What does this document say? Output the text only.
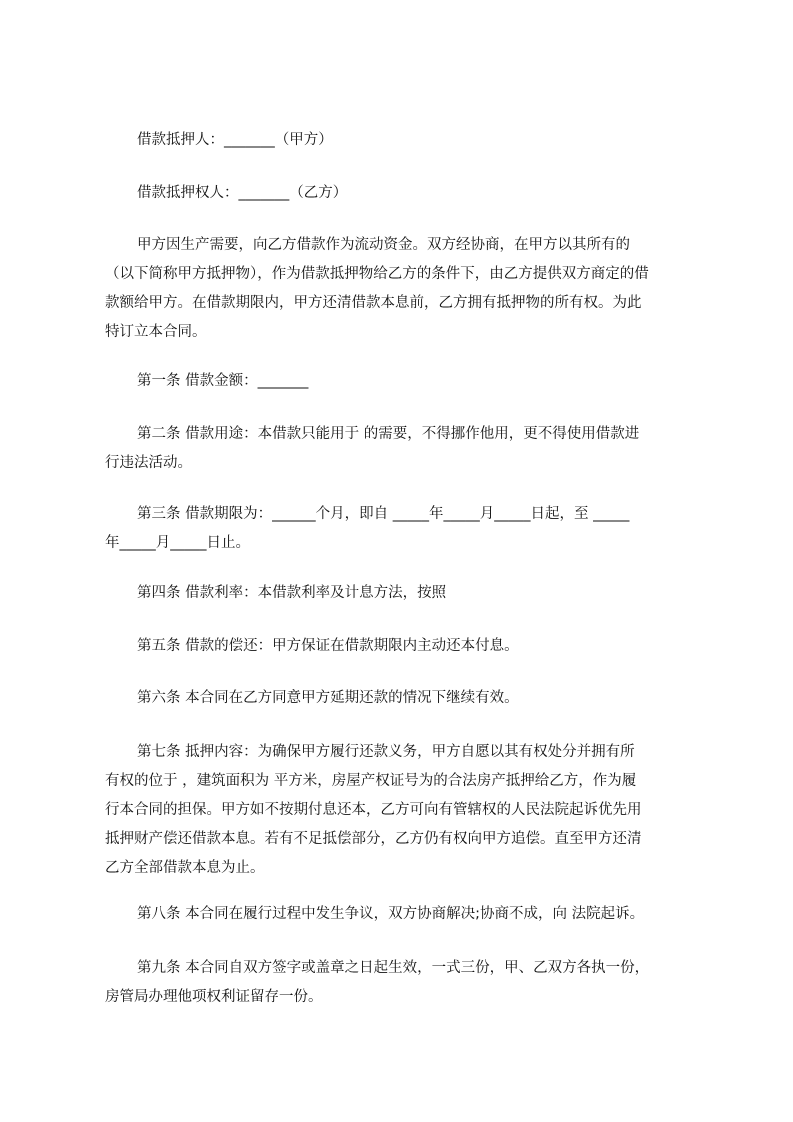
借款抵押人：_______（甲方）
借款抵押权人：_______（乙方）
甲方因生产需要，向乙方借款作为流动资金。双方经协商，在甲方以其所有的
（以下简称甲方抵押物），作为借款抵押物给乙方的条件下，由乙方提供双方商定的借
款额给甲方。在借款期限内，甲方还清借款本息前，乙方拥有抵押物的所有权。为此
特订立本合同。
第一条 借款金额：_______
第二条 借款用途：本借款只能用于 的需要，不得挪作他用，更不得使用借款进
行违法活动。
第三条 借款期限为：______个月，即自 _____年_____月_____日起，至 _____
年_____月_____日止。
第四条 借款利率：本借款利率及计息方法，按照
第五条 借款的偿还：甲方保证在借款期限内主动还本付息。
第六条 本合同在乙方同意甲方延期还款的情况下继续有效。
第七条 抵押内容：为确保甲方履行还款义务，甲方自愿以其有权处分并拥有所
有权的位于 ，建筑面积为 平方米，房屋产权证号为的合法房产抵押给乙方，作为履
行本合同的担保。甲方如不按期付息还本，乙方可向有管辖权的人民法院起诉优先用
抵押财产偿还借款本息。若有不足抵偿部分，乙方仍有权向甲方追偿。直至甲方还清
乙方全部借款本息为止。
第八条 本合同在履行过程中发生争议，双方协商解决;协商不成，向 法院起诉。
第九条 本合同自双方签字或盖章之日起生效，一式三份，甲、乙双方各执一份，
房管局办理他项权利证留存一份。
